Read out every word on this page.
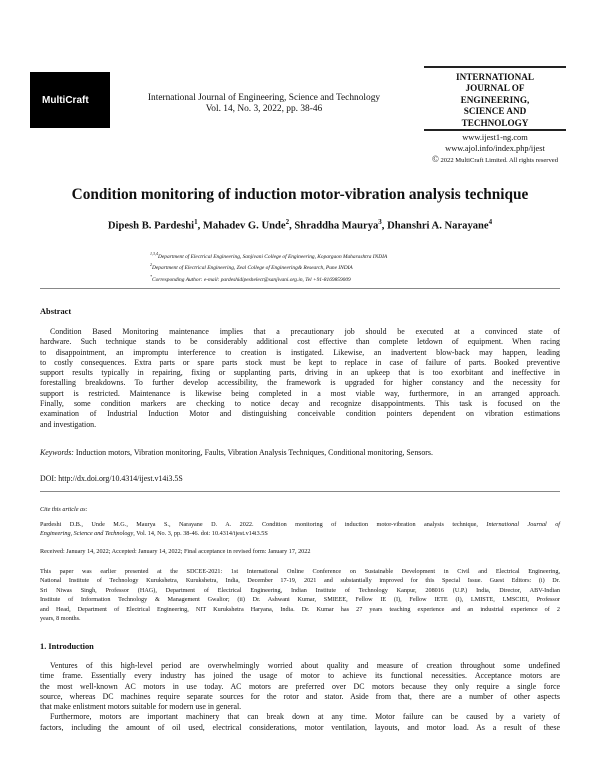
MultiCraft	International Journal of Engineering, Science and Technology
Vol. 14, No. 3, 2022, pp. 38-46
INTERNATIONAL
JOURNAL OF
ENGINEERING,
SCIENCE AND
TECHNOLOGY
www.ijest1-ng.com
www.ajol.info/index.php/ijest
© 2022 MultiCraft Limited. All rights reserved
Condition monitoring of induction motor-vibration analysis technique
Dipesh B. Pardeshi$^1$, Mahadev G. Unde$^2$, Shraddha Maurya$^3$, Dhanshri A. Narayane$^4$
$^{1,3,4}$Department of Electrical Engineering, Sanjivani College of Engineering, Kopargaon Maharashtra INDIA
$^2$Department of Electrical Engineering, Zeal College of Engineering& Research, Pune INDIA
*Corresponding Author: e-mail: pardeshidipeshelect@sanjivani.org.in, Tel +91-8169859009
Abstract
Condition Based Monitoring maintenance implies that a precautionary job should be executed at a convinced state of
hardware. Such technique stands to be considerably additional cost effective than complete letdown of equipment. When racing
to disappointment, an impromptu interference to creation is instigated. Likewise, an inadvertent blow-back may happen, leading
to costly consequences. Extra parts or spare parts stock must be kept to replace in case of failure of parts. Booked preventive
support results typically in repairing, fixing or supplanting parts, driving in an upkeep that is too exorbitant and ineffective in
forestalling breakdowns. To further develop accessibility, the framework is upgraded for higher constancy and the necessity for
support is restricted. Maintenance is likewise being completed in a most viable way, furthermore, in an arranged approach.
Finally, some condition markers are checking to notice decay and recognize disappointments. This task is focused on the
examination of Industrial Induction Motor and distinguishing conceivable condition pointers dependent on vibration estimations
and investigation.
Keywords: Induction motors, Vibration monitoring, Faults, Vibration Analysis Techniques, Conditional monitoring, Sensors.
DOI: http://dx.doi.org/10.4314/ijest.v14i3.5S
Cite this article as:
Pardeshi D.B., Unde M.G., Maurya S., Narayane D. A. 2022. Condition monitoring of induction motor-vibration analysis technique, International Journal of
Engineering, Science and Technology, Vol. 14, No. 3, pp. 38-46. doi: 10.4314/ijest.v14i3.5S
Received: January 14, 2022; Accepted: January 14, 2022; Final acceptance in revised form: January 17, 2022
This paper was earlier presented at the SDCEE-2021: 1st International Online Conference on Sustainable Development in Civil and Electrical Engineering,
National Institute of Technology Kurukshetra, Kurukshetra, India, December 17-19, 2021 and substantially improved for this Special Issue. Guest Editors: (i) Dr.
Sri Niwas Singh, Professor (HAG), Department of Electrical Engineering, Indian Institute of Technology Kanpur, 208016 (U.P.) India, Director, ABV-Indian
Institute of Information Technology & Management Gwalior; (ii) Dr. Ashwani Kumar, SMIEEE, Fellow IE (I), Fellow IETE (I), LMISTE, LMSCIEI, Professor
and Head, Department of Electrical Engineering, NIT Kurukshetra Haryana, India. Dr. Kumar has 27 years teaching experience and an industrial experience of 2
years, 8 months.
1. Introduction
Ventures of this high-level period are overwhelmingly worried about quality and measure of creation throughout some undefined
time frame. Essentially every industry has joined the usage of motor to achieve its functional necessities. Acceptance motors are
the most well-known AC motors in use today. AC motors are preferred over DC motors because they only require a single force
source, whereas DC machines require separate sources for the rotor and stator. Aside from that, there are a number of other aspects
that make enlistment motors suitable for modern use in general.
Furthermore, motors are important machinery that can break down at any time. Motor failure can be caused by a variety of
factors, including the amount of oil used, electrical considerations, motor ventilation, layouts, and motor load. As a result of these
